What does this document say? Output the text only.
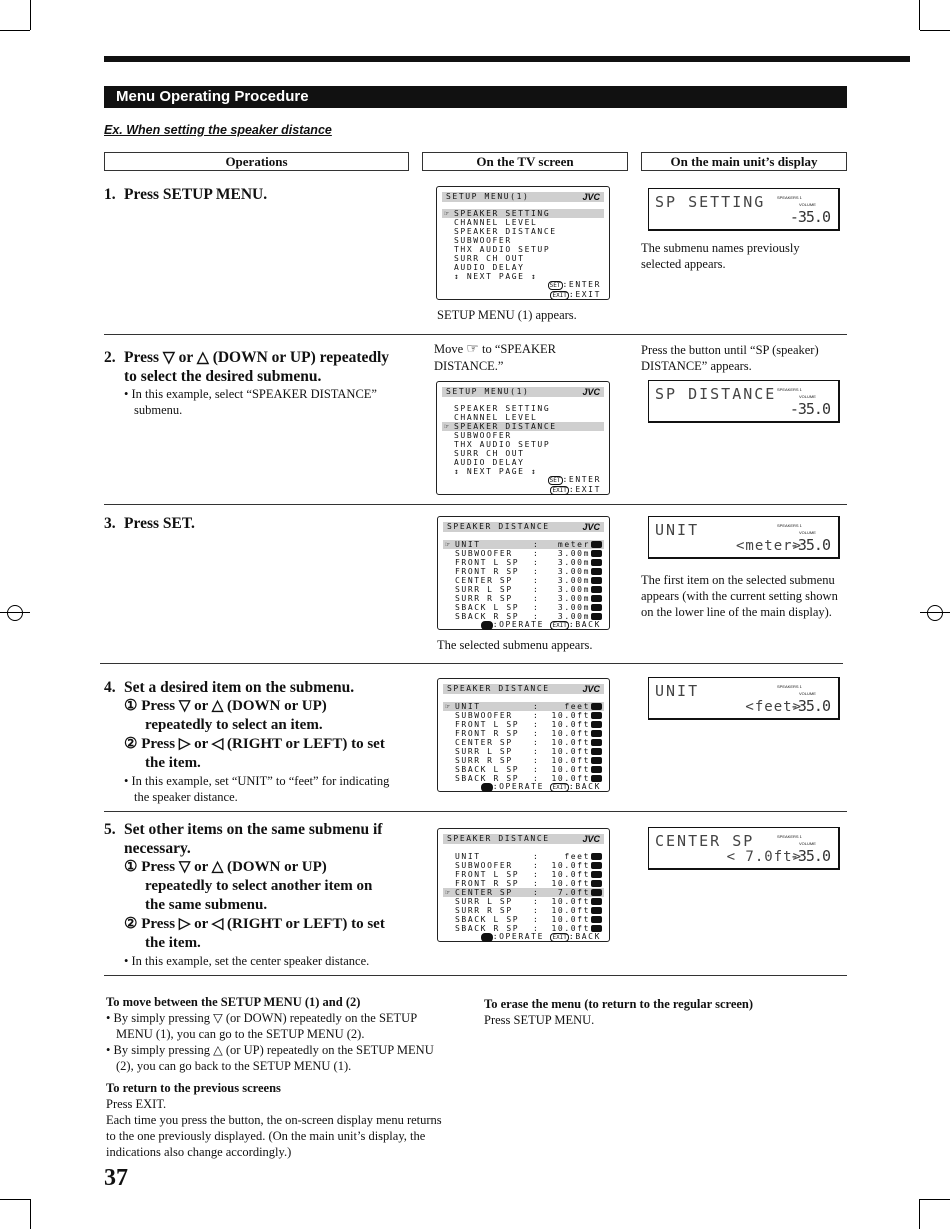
Menu Operating Procedure
Ex. When setting the speaker distance
Operations	On the TV screen	On the main unit’s display
1. Press SETUP MENU.	SETUP MENU(1)	JVC
☞ SPEAKER SETTING
CHANNEL LEVEL
SPEAKER DISTANCE
SUBWOOFER
THX AUDIO SETUP
SURR CH OUT
AUDIO DELAY
↕ NEXT PAGE ↕
SET :ENTER
EXIT :EXIT
SETUP MENU (1) appears.
SP SETTING	SPEAKERS 1
VOLUME
-35.0
The submenu names previously selected appears.
2. Press ▽ or △ (DOWN or UP) repeatedly
to select the desired submenu.
• In this example, select “SPEAKER DISTANCE”
submenu.
Move ☞ to “SPEAKER
DISTANCE.”
SETUP MENU(1)	JVC
SPEAKER SETTING
CHANNEL LEVEL
☞ SPEAKER DISTANCE
SUBWOOFER
THX AUDIO SETUP
SURR CH OUT
AUDIO DELAY
↕ NEXT PAGE ↕
SET :ENTER
EXIT :EXIT
Press the button until “SP (speaker)
DISTANCE” appears.
SP DISTANCE SPEAKERS 1
VOLUME
-35.0
3. Press SET.	SPEAKER DISTANCE	JVC
☞ UNIT	: meter
SUBWOOFER	: 3.00m
FRONT L SP : 3.00m
FRONT R SP : 3.00m
CENTER SP	: 3.00m
SURR L SP	: 3.00m
SURR R SP	: 3.00m
SBACK L SP : 3.00m
SBACK R SP : 3.00m
◀▶ :OPERATE EXIT :BACK
The selected submenu appears.
UNIT	SPEAKERS 1
VOLUME
<meter>
-35.0
The first item on the selected submenu
appears (with the current setting shown
on the lower line of the main display).
4. Set a desired item on the submenu.
① Press ▽ or △ (DOWN or UP)
repeatedly to select an item.
② Press ▷ or ◁ (RIGHT or LEFT) to set
the item.
• In this example, set “UNIT” to “feet” for indicating
the speaker distance.
SPEAKER DISTANCE	JVC
☞ UNIT	:	feet
SUBWOOFER	: 10.0ft
FRONT L SP : 10.0ft
FRONT R SP : 10.0ft
CENTER SP	: 10.0ft
SURR L SP	: 10.0ft
SURR R SP	: 10.0ft
SBACK L SP : 10.0ft
SBACK R SP : 10.0ft
◀▶ :OPERATE EXIT :BACK
UNIT	SPEAKERS 1
VOLUME
<feet>
-35.0
5. Set other items on the same submenu if
necessary.
① Press ▽ or △ (DOWN or UP)
repeatedly to select another item on
the same submenu.
② Press ▷ or ◁ (RIGHT or LEFT) to set
the item.
• In this example, set the center speaker distance.
SPEAKER DISTANCE	JVC
UNIT	:	feet
SUBWOOFER	: 10.0ft
FRONT L SP : 10.0ft
FRONT R SP : 10.0ft
☞ CENTER SP	: 7.0ft
SURR L SP	: 10.0ft
SURR R SP	: 10.0ft
SBACK L SP : 10.0ft
SBACK R SP : 10.0ft
◀▶ :OPERATE EXIT :BACK
CENTER SP	SPEAKERS 1
VOLUME
< 7.0ft>
-35.0
To move between the SETUP MENU (1) and (2)
• By simply pressing ▽ (or DOWN) repeatedly on the SETUP
MENU (1), you can go to the SETUP MENU (2).
• By simply pressing △ (or UP) repeatedly on the SETUP MENU
(2), you can go back to the SETUP MENU (1).
To return to the previous screens
Press EXIT.
Each time you press the button, the on-screen display menu returns
to the one previously displayed. (On the main unit’s display, the
indications also change accordingly.)
To erase the menu (to return to the regular screen)
Press SETUP MENU.
37
